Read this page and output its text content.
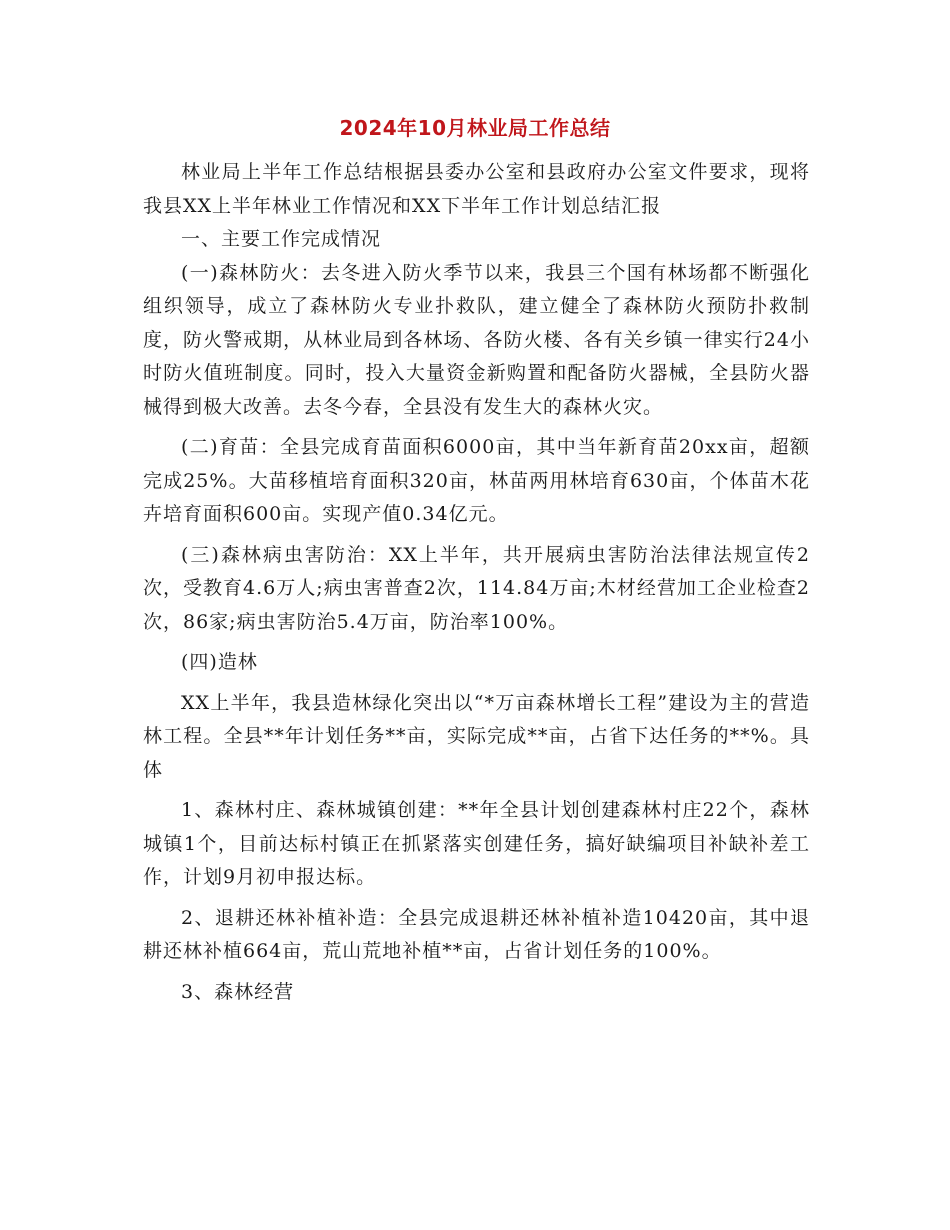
2024年10月林业局工作总结

林业局上半年工作总结根据县委办公室和县政府办公室文件要求，现将我县XX上半年林业工作情况和XX下半年工作计划总结汇报

一、主要工作完成情况

(一)森林防火：去冬进入防火季节以来，我县三个国有林场都不断强化组织领导，成立了森林防火专业扑救队，建立健全了森林防火预防扑救制度，防火警戒期，从林业局到各林场、各防火楼、各有关乡镇一律实行24小时防火值班制度。同时，投入大量资金新购置和配备防火器械，全县防火器械得到极大改善。去冬今春，全县没有发生大的森林火灾。

(二)育苗：全县完成育苗面积6000亩，其中当年新育苗20xx亩，超额完成25%。大苗移植培育面积320亩，林苗两用林培育630亩，个体苗木花卉培育面积600亩。实现产值0.34亿元。

(三)森林病虫害防治：XX上半年，共开展病虫害防治法律法规宣传2次，受教育4.6万人;病虫害普查2次，114.84万亩;木材经营加工企业检查2次，86家;病虫害防治5.4万亩，防治率100%。

(四)造林

XX上半年，我县造林绿化突出以“*万亩森林增长工程”建设为主的营造林工程。全县**年计划任务**亩，实际完成**亩，占省下达任务的**%。具体

1、森林村庄、森林城镇创建：**年全县计划创建森林村庄22个，森林城镇1个，目前达标村镇正在抓紧落实创建任务，搞好缺编项目补缺补差工作，计划9月初申报达标。

2、退耕还林补植补造：全县完成退耕还林补植补造10420亩，其中退耕还林补植664亩，荒山荒地补植**亩，占省计划任务的100%。

3、森林经营
